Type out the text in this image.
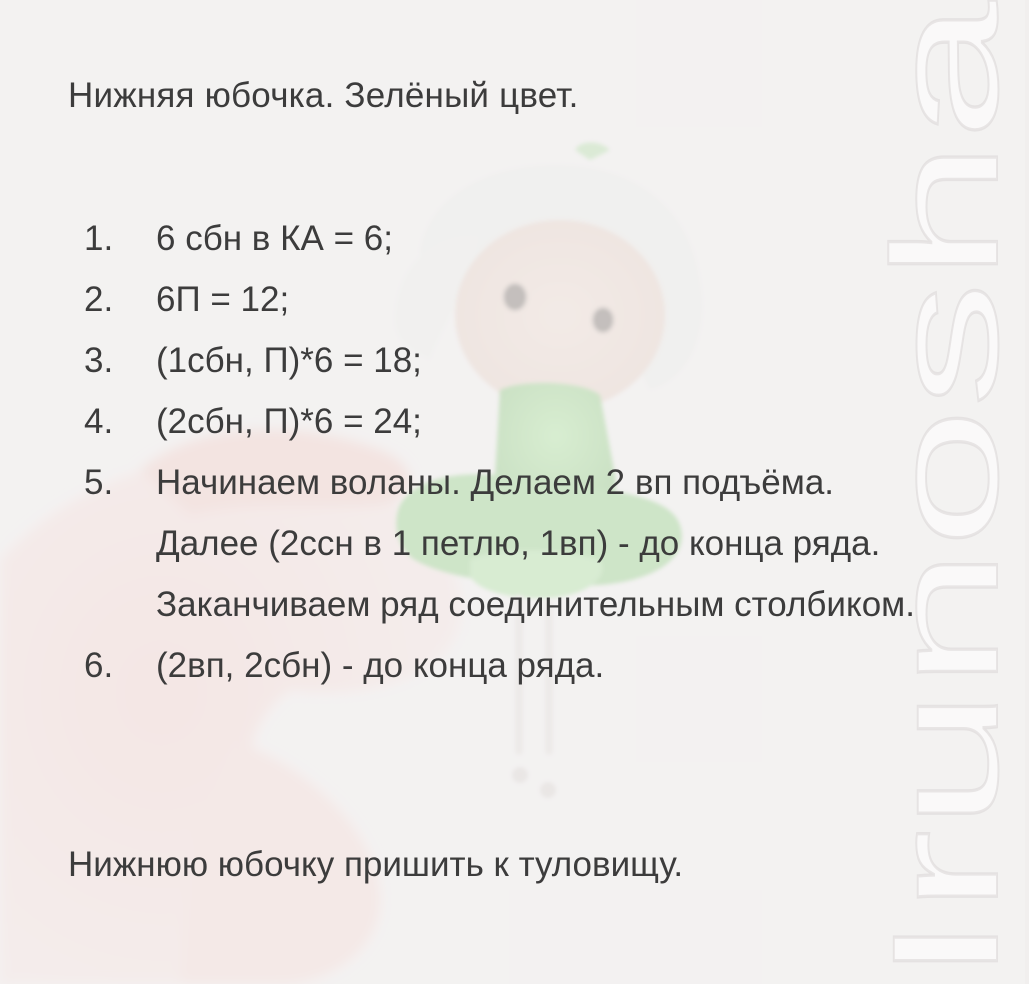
Irunosha
Нижняя юбочка. Зелёный цвет.
1. 6 сбн в КА = 6;
2. 6П = 12;
3. (1сбн, П)*6 = 18;
4. (2сбн, П)*6 = 24;
5. Начинаем воланы. Делаем 2 вп подъёма. Далее (2ссн в 1 петлю, 1вп) - до конца ряда. Заканчиваем ряд соединительным столбиком.
6. (2вп, 2сбн) - до конца ряда.

Нижнюю юбочку пришить к туловищу.
